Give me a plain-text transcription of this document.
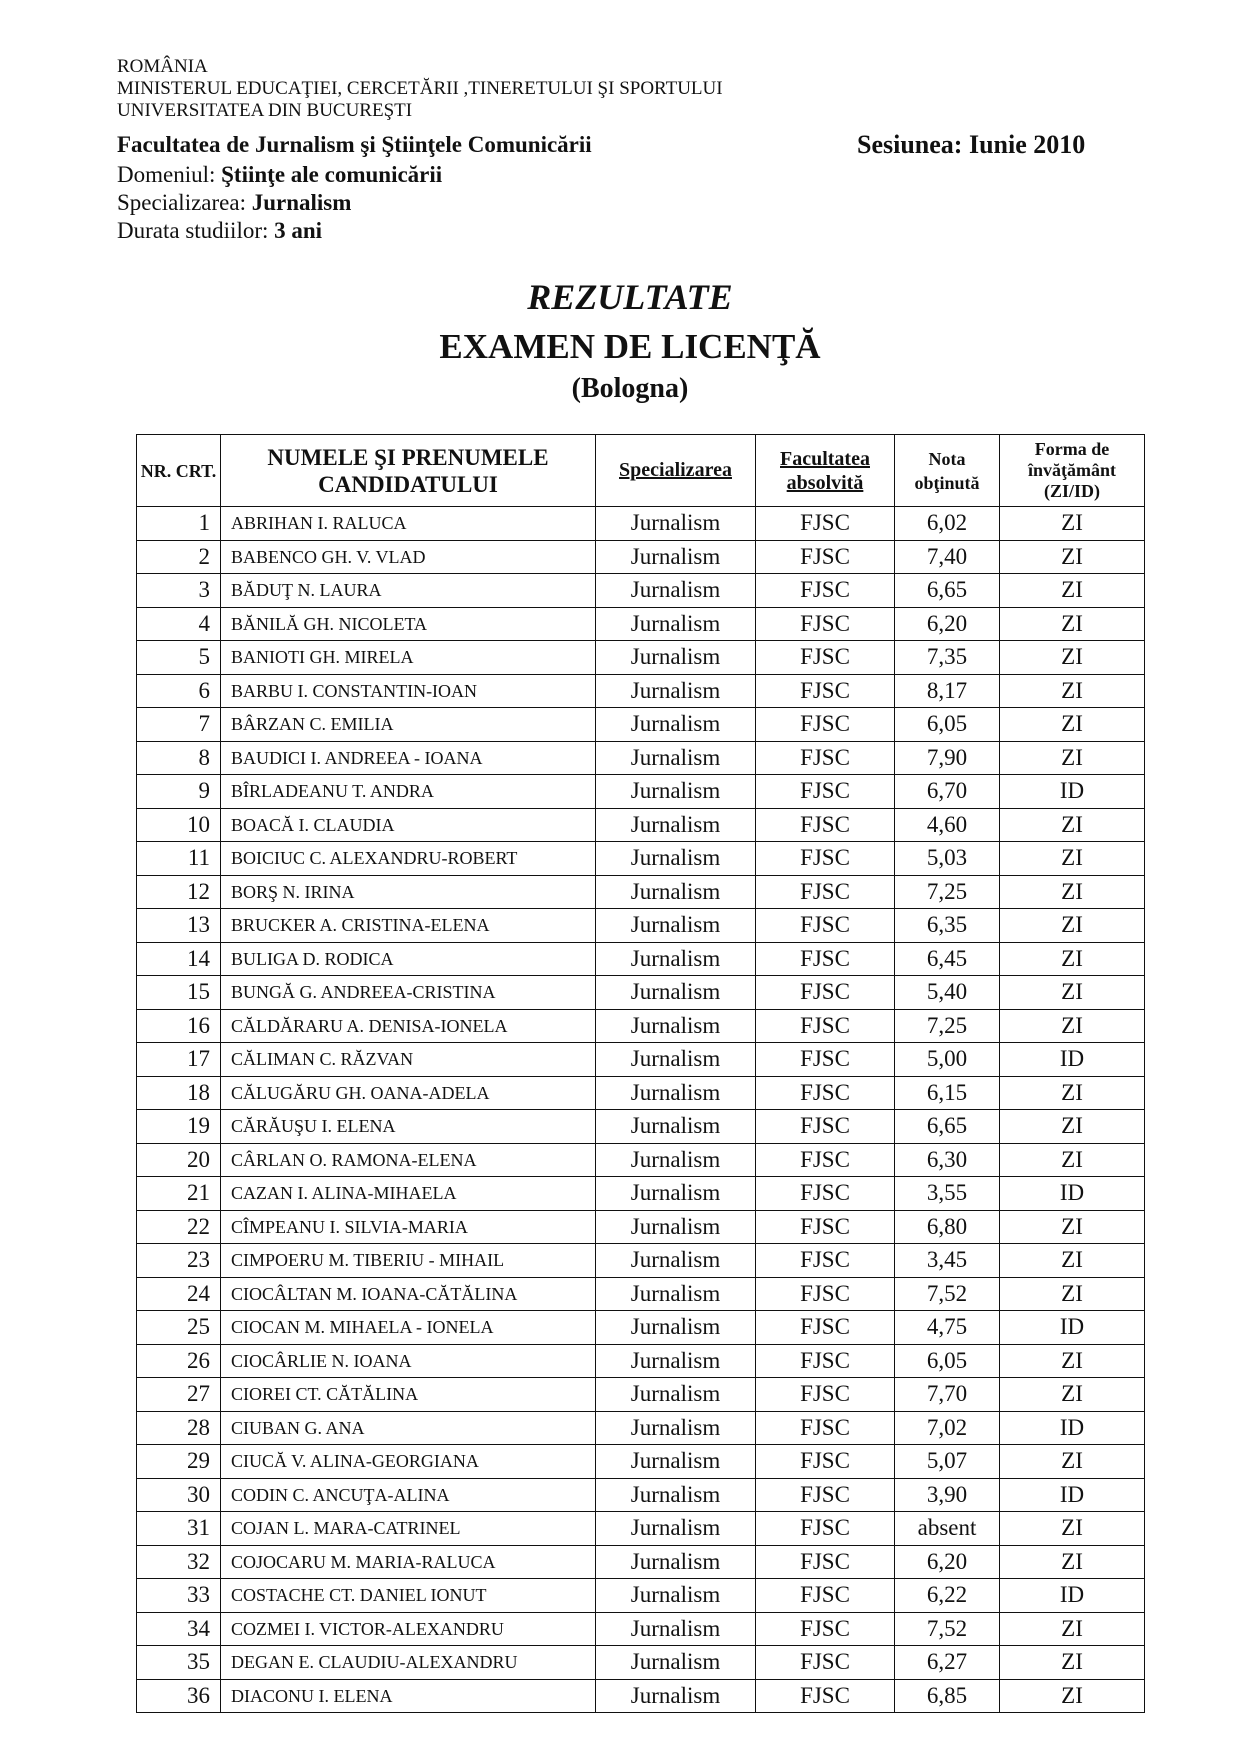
ROMÂNIA
MINISTERUL EDUCAŢIEI, CERCETĂRII ,TINERETULUI ŞI SPORTULUI
UNIVERSITATEA DIN BUCUREŞTI
Facultatea de Jurnalism şi Ştiinţele Comunicării	Sesiunea: Iunie 2010
Domeniul: Ştiinţe ale comunicării
Specializarea: Jurnalism
Durata studiilor: 3 ani
REZULTATE
EXAMEN DE LICENŢĂ
(Bologna)
NR. CRT.	NUMELE ŞI PRENUMELE CANDIDATULUI	Specializarea	Facultatea absolvită	Nota obţinută	Forma de învăţământ (ZI/ID)
1	ABRIHAN I. RALUCA	Jurnalism	FJSC	6,02	ZI
2	BABENCO GH. V. VLAD	Jurnalism	FJSC	7,40	ZI
3	BĂDUŢ N. LAURA	Jurnalism	FJSC	6,65	ZI
4	BĂNILĂ GH. NICOLETA	Jurnalism	FJSC	6,20	ZI
5	BANIOTI GH. MIRELA	Jurnalism	FJSC	7,35	ZI
6	BARBU I. CONSTANTIN-IOAN	Jurnalism	FJSC	8,17	ZI
7	BÂRZAN C. EMILIA	Jurnalism	FJSC	6,05	ZI
8	BAUDICI I. ANDREEA - IOANA	Jurnalism	FJSC	7,90	ZI
9	BÎRLADEANU T. ANDRA	Jurnalism	FJSC	6,70	ID
10	BOACĂ I. CLAUDIA	Jurnalism	FJSC	4,60	ZI
11	BOICIUC C. ALEXANDRU-ROBERT	Jurnalism	FJSC	5,03	ZI
12	BORŞ N. IRINA	Jurnalism	FJSC	7,25	ZI
13	BRUCKER A. CRISTINA-ELENA	Jurnalism	FJSC	6,35	ZI
14	BULIGA D. RODICA	Jurnalism	FJSC	6,45	ZI
15	BUNGĂ G. ANDREEA-CRISTINA	Jurnalism	FJSC	5,40	ZI
16	CĂLDĂRARU A. DENISA-IONELA	Jurnalism	FJSC	7,25	ZI
17	CĂLIMAN C. RĂZVAN	Jurnalism	FJSC	5,00	ID
18	CĂLUGĂRU GH. OANA-ADELA	Jurnalism	FJSC	6,15	ZI
19	CĂRĂUŞU I. ELENA	Jurnalism	FJSC	6,65	ZI
20	CÂRLAN O. RAMONA-ELENA	Jurnalism	FJSC	6,30	ZI
21	CAZAN I. ALINA-MIHAELA	Jurnalism	FJSC	3,55	ID
22	CÎMPEANU I. SILVIA-MARIA	Jurnalism	FJSC	6,80	ZI
23	CIMPOERU M. TIBERIU - MIHAIL	Jurnalism	FJSC	3,45	ZI
24	CIOCÂLTAN M. IOANA-CĂTĂLINA	Jurnalism	FJSC	7,52	ZI
25	CIOCAN M. MIHAELA - IONELA	Jurnalism	FJSC	4,75	ID
26	CIOCÂRLIE N. IOANA	Jurnalism	FJSC	6,05	ZI
27	CIOREI CT. CĂTĂLINA	Jurnalism	FJSC	7,70	ZI
28	CIUBAN G. ANA	Jurnalism	FJSC	7,02	ID
29	CIUCĂ V. ALINA-GEORGIANA	Jurnalism	FJSC	5,07	ZI
30	CODIN C. ANCUŢA-ALINA	Jurnalism	FJSC	3,90	ID
31	COJAN L. MARA-CATRINEL	Jurnalism	FJSC	absent	ZI
32	COJOCARU M. MARIA-RALUCA	Jurnalism	FJSC	6,20	ZI
33	COSTACHE CT. DANIEL IONUT	Jurnalism	FJSC	6,22	ID
34	COZMEI I. VICTOR-ALEXANDRU	Jurnalism	FJSC	7,52	ZI
35	DEGAN E. CLAUDIU-ALEXANDRU	Jurnalism	FJSC	6,27	ZI
36	DIACONU I. ELENA	Jurnalism	FJSC	6,85	ZI
